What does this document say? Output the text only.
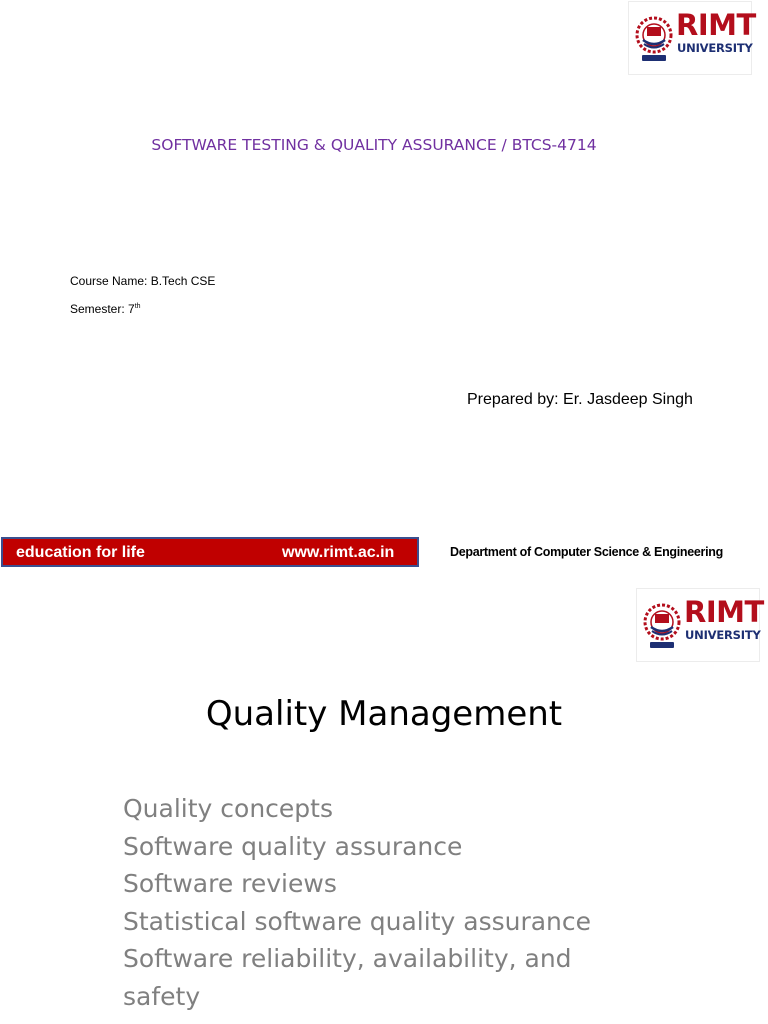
RIMT
UNIVERSITY
SOFTWARE TESTING & QUALITY ASSURANCE / BTCS-4714
Course Name: B.Tech CSE
Semester: 7th
Prepared by: Er. Jasdeep Singh
education for life	www.rimt.ac.in	Department of Computer Science & Engineering
RIMT
UNIVERSITY
Quality Management
Quality concepts
Software quality assurance
Software reviews
Statistical software quality assurance
Software reliability, availability, and safety
